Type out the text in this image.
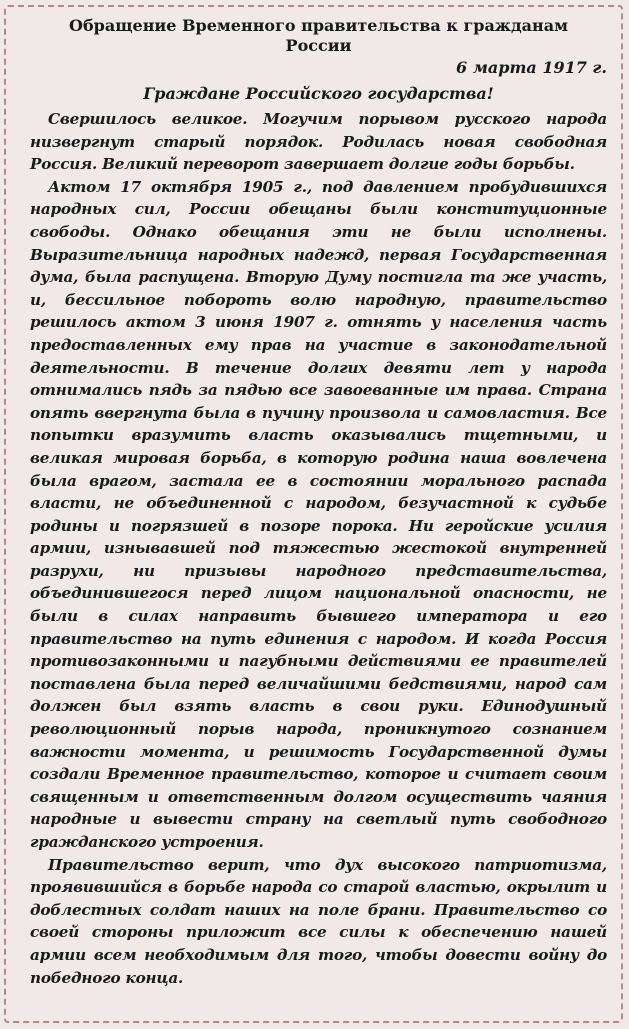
Обращение Временного правительства к гражданам России
6 марта 1917 г.
Граждане Российского государства!

Свершилось великое. Могучим порывом русского народа низвергнут старый порядок. Родилась новая свободная Россия. Великий переворот завершает долгие годы борьбы.

Актом 17 октября 1905 г., под давлением пробудившихся народных сил, России обещаны были конституционные свободы. Однако обещания эти не были исполнены. Выразительница народных надежд, первая Государственная дума, была распущена. Вторую Думу постигла та же участь, и, бессильное побороть волю народную, правительство решилось актом 3 июня 1907 г. отнять у населения часть предоставленных ему прав на участие в законодательной деятельности. В течение долгих девяти лет у народа отнимались пядь за пядью все завоеванные им права. Страна опять ввергнута была в пучину произвола и самовластия. Все попытки вразумить власть оказывались тщетными, и великая мировая борьба, в которую родина наша вовлечена была врагом, застала ее в состоянии морального распада власти, не объединенной с народом, безучастной к судьбе родины и погрязшей в позоре порока. Ни геройские усилия армии, изнывавшей под тяжестью жестокой внутренней разрухи, ни призывы народного представительства, объединившегося перед лицом национальной опасности, не были в силах направить бывшего императора и его правительство на путь единения с народом. И когда Россия противозаконными и пагубными действиями ее правителей поставлена была перед величайшими бедствиями, народ сам должен был взять власть в свои руки. Единодушный революционный порыв народа, проникнутого сознанием важности момента, и решимость Государственной думы создали Временное правительство, которое и считает своим священным и ответственным долгом осуществить чаяния народные и вывести страну на светлый путь свободного гражданского устроения.

Правительство верит, что дух высокого патриотизма, проявившийся в борьбе народа со старой властью, окрылит и доблестных солдат наших на поле брани. Правительство со своей стороны приложит все силы к обеспечению нашей армии всем необходимым для того, чтобы довести войну до победного конца.
